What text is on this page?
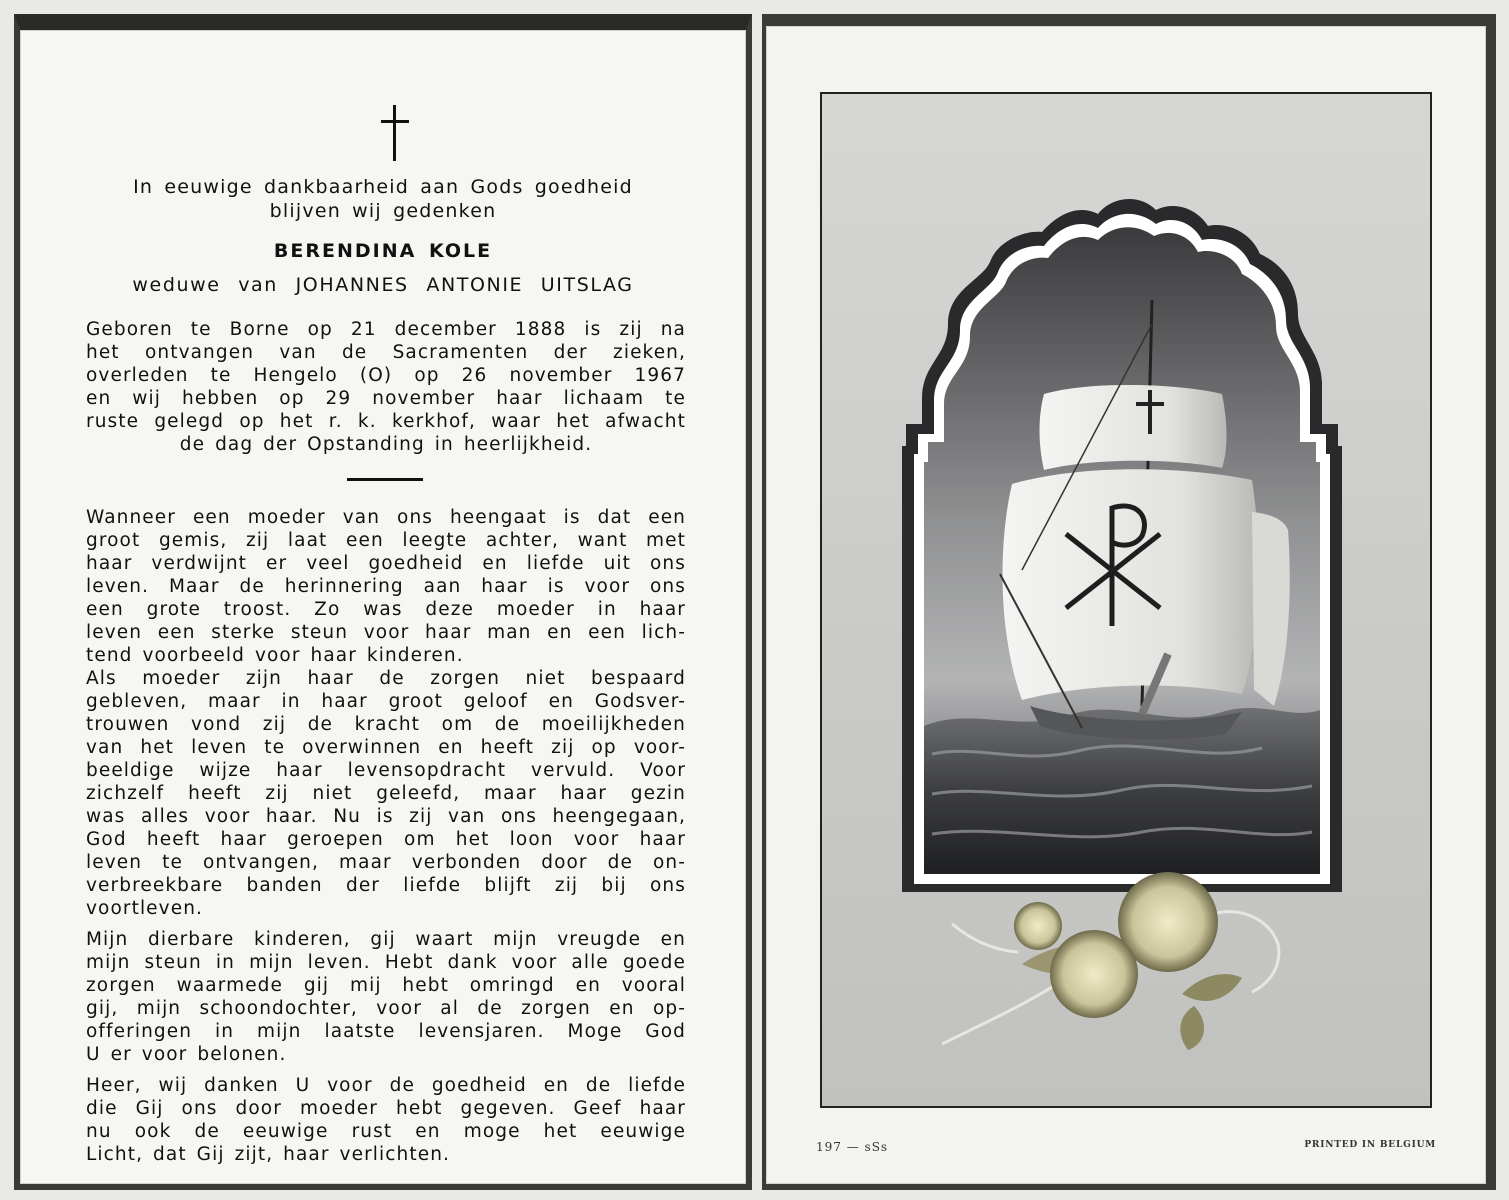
In eeuwige dankbaarheid aan Gods goedheid
blijven wij gedenken
BERENDINA KOLE
weduwe van JOHANNES ANTONIE UITSLAG
Geboren te Borne op 21 december 1888 is zij na
het ontvangen van de Sacramenten der zieken,
overleden te Hengelo (O) op 26 november 1967
en wij hebben op 29 november haar lichaam te
ruste gelegd op het r. k. kerkhof, waar het afwacht
de dag der Opstanding in heerlijkheid.
Wanneer een moeder van ons heengaat is dat een
groot gemis, zij laat een leegte achter, want met
haar verdwijnt er veel goedheid en liefde uit ons
leven. Maar de herinnering aan haar is voor ons
een grote troost. Zo was deze moeder in haar
leven een sterke steun voor haar man en een lich-
tend voorbeeld voor haar kinderen.
Als moeder zijn haar de zorgen niet bespaard
gebleven, maar in haar groot geloof en Godsver-
trouwen vond zij de kracht om de moeilijkheden
van het leven te overwinnen en heeft zij op voor-
beeldige wijze haar levensopdracht vervuld. Voor
zichzelf heeft zij niet geleefd, maar haar gezin
was alles voor haar. Nu is zij van ons heengegaan,
God heeft haar geroepen om het loon voor haar
leven te ontvangen, maar verbonden door de on-
verbreekbare banden der liefde blijft zij bij ons
voortleven.
Mijn dierbare kinderen, gij waart mijn vreugde en
mijn steun in mijn leven. Hebt dank voor alle goede
zorgen waarmede gij mij hebt omringd en vooral
gij, mijn schoondochter, voor al de zorgen en op-
offeringen in mijn laatste levensjaren. Moge God
U er voor belonen.
Heer, wij danken U voor de goedheid en de liefde
die Gij ons door moeder hebt gegeven. Geef haar
nu ook de eeuwige rust en moge het eeuwige
Licht, dat Gij zijt, haar verlichten.	197 — sSs	PRINTED IN BELGIUM
